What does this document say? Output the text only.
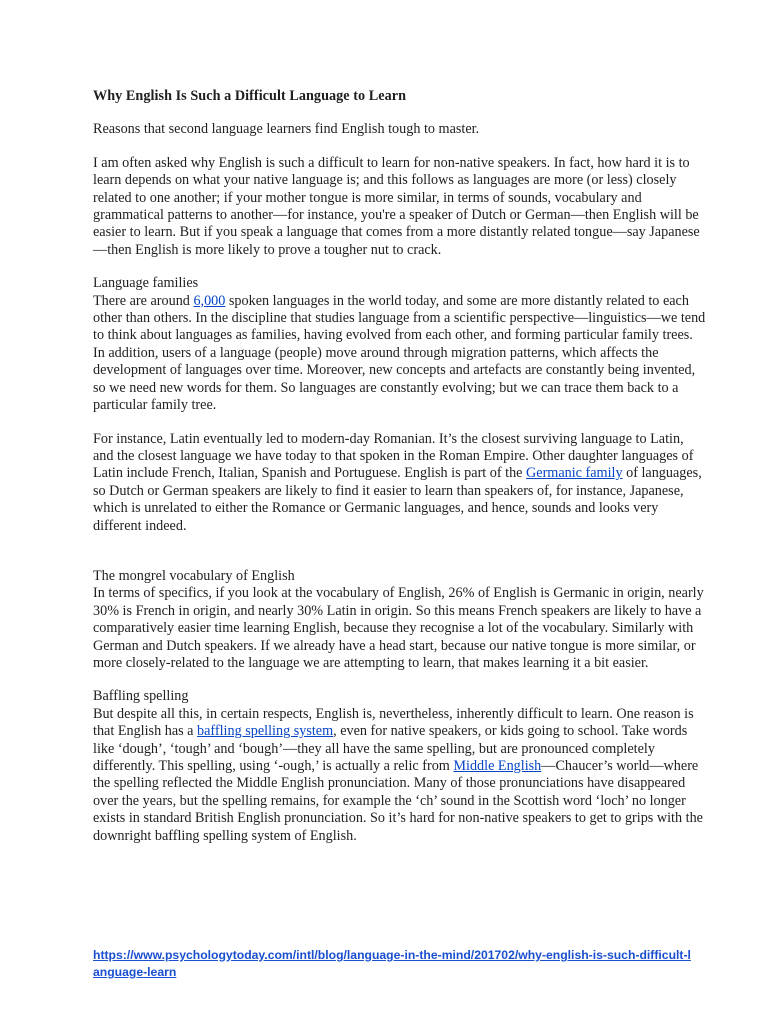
Why English Is Such a Difficult Language to Learn

Reasons that second language learners find English tough to master.

I am often asked why English is such a difficult to learn for non-native speakers. In fact, how hard it is to learn depends on what your native language is; and this follows as languages are more (or less) closely related to one another; if your mother tongue is more similar, in terms of sounds, vocabulary and grammatical patterns to another—for instance, you're a speaker of Dutch or German—then English will be easier to learn. But if you speak a language that comes from a more distantly related tongue—say Japanese—then English is more likely to prove a tougher nut to crack.

Language families
There are around 6,000 spoken languages in the world today, and some are more distantly related to each other than others. In the discipline that studies language from a scientific perspective—linguistics—we tend to think about languages as families, having evolved from each other, and forming particular family trees. In addition, users of a language (people) move around through migration patterns, which affects the development of languages over time. Moreover, new concepts and artefacts are constantly being invented, so we need new words for them. So languages are constantly evolving; but we can trace them back to a particular family tree.

For instance, Latin eventually led to modern-day Romanian. It’s the closest surviving language to Latin, and the closest language we have today to that spoken in the Roman Empire. Other daughter languages of Latin include French, Italian, Spanish and Portuguese. English is part of the Germanic family of languages, so Dutch or German speakers are likely to find it easier to learn than speakers of, for instance, Japanese, which is unrelated to either the Romance or Germanic languages, and hence, sounds and looks very different indeed.

The mongrel vocabulary of English
In terms of specifics, if you look at the vocabulary of English, 26% of English is Germanic in origin, nearly 30% is French in origin, and nearly 30% Latin in origin. So this means French speakers are likely to have a comparatively easier time learning English, because they recognise a lot of the vocabulary. Similarly with German and Dutch speakers. If we already have a head start, because our native tongue is more similar, or more closely-related to the language we are attempting to learn, that makes learning it a bit easier.
Baffling spelling
But despite all this, in certain respects, English is, nevertheless, inherently difficult to learn. One reason is that English has a baffling spelling system, even for native speakers, or kids going to school. Take words like ‘dough’, ‘tough’ and ‘bough’—they all have the same spelling, but are pronounced completely differently. This spelling, using ‘-ough,’ is actually a relic from Middle English—Chaucer’s world—where the spelling reflected the Middle English pronunciation. Many of those pronunciations have disappeared over the years, but the spelling remains, for example the ‘ch’ sound in the Scottish word ‘loch’ no longer exists in standard British English pronunciation. So it’s hard for non-native speakers to get to grips with the downright baffling spelling system of English.
https://www.psychologytoday.com/intl/blog/language-in-the-mind/201702/why-english-is-such-difficult-language-learn
